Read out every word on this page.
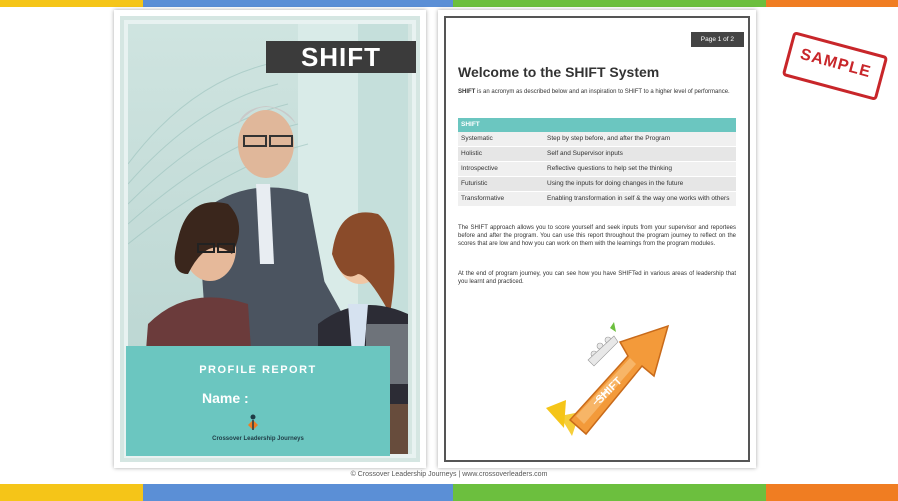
SHIFT
PROFILE REPORT
Name :
Crossover Leadership Journeys
Page 1 of 2
Welcome to the SHIFT System
SHIFT is an acronym as described below and an inspiration to SHIFT to a higher level of performance.
SHIFT
Systematic	Step by step before, and after the Program
Holistic	Self and Supervisor inputs
Introspective	Reflective questions to help set the thinking
Futuristic	Using the inputs for doing changes in the future
Transformative	Enabling transformation in self & the way one works with others
The SHIFT approach allows you to score yourself and seek inputs from your supervisor and reportees before and after the program. You can use this report throughout the program journey to reflect on the scores that are low and how you can work on them with the learnings from the program modules.
At the end of program journey, you can see how you have SHIFTed in various areas of leadership that you learnt and practiced.
SHIFT
SAMPLE
© Crossover Leadership Journeys | www.crossoverleaders.com
